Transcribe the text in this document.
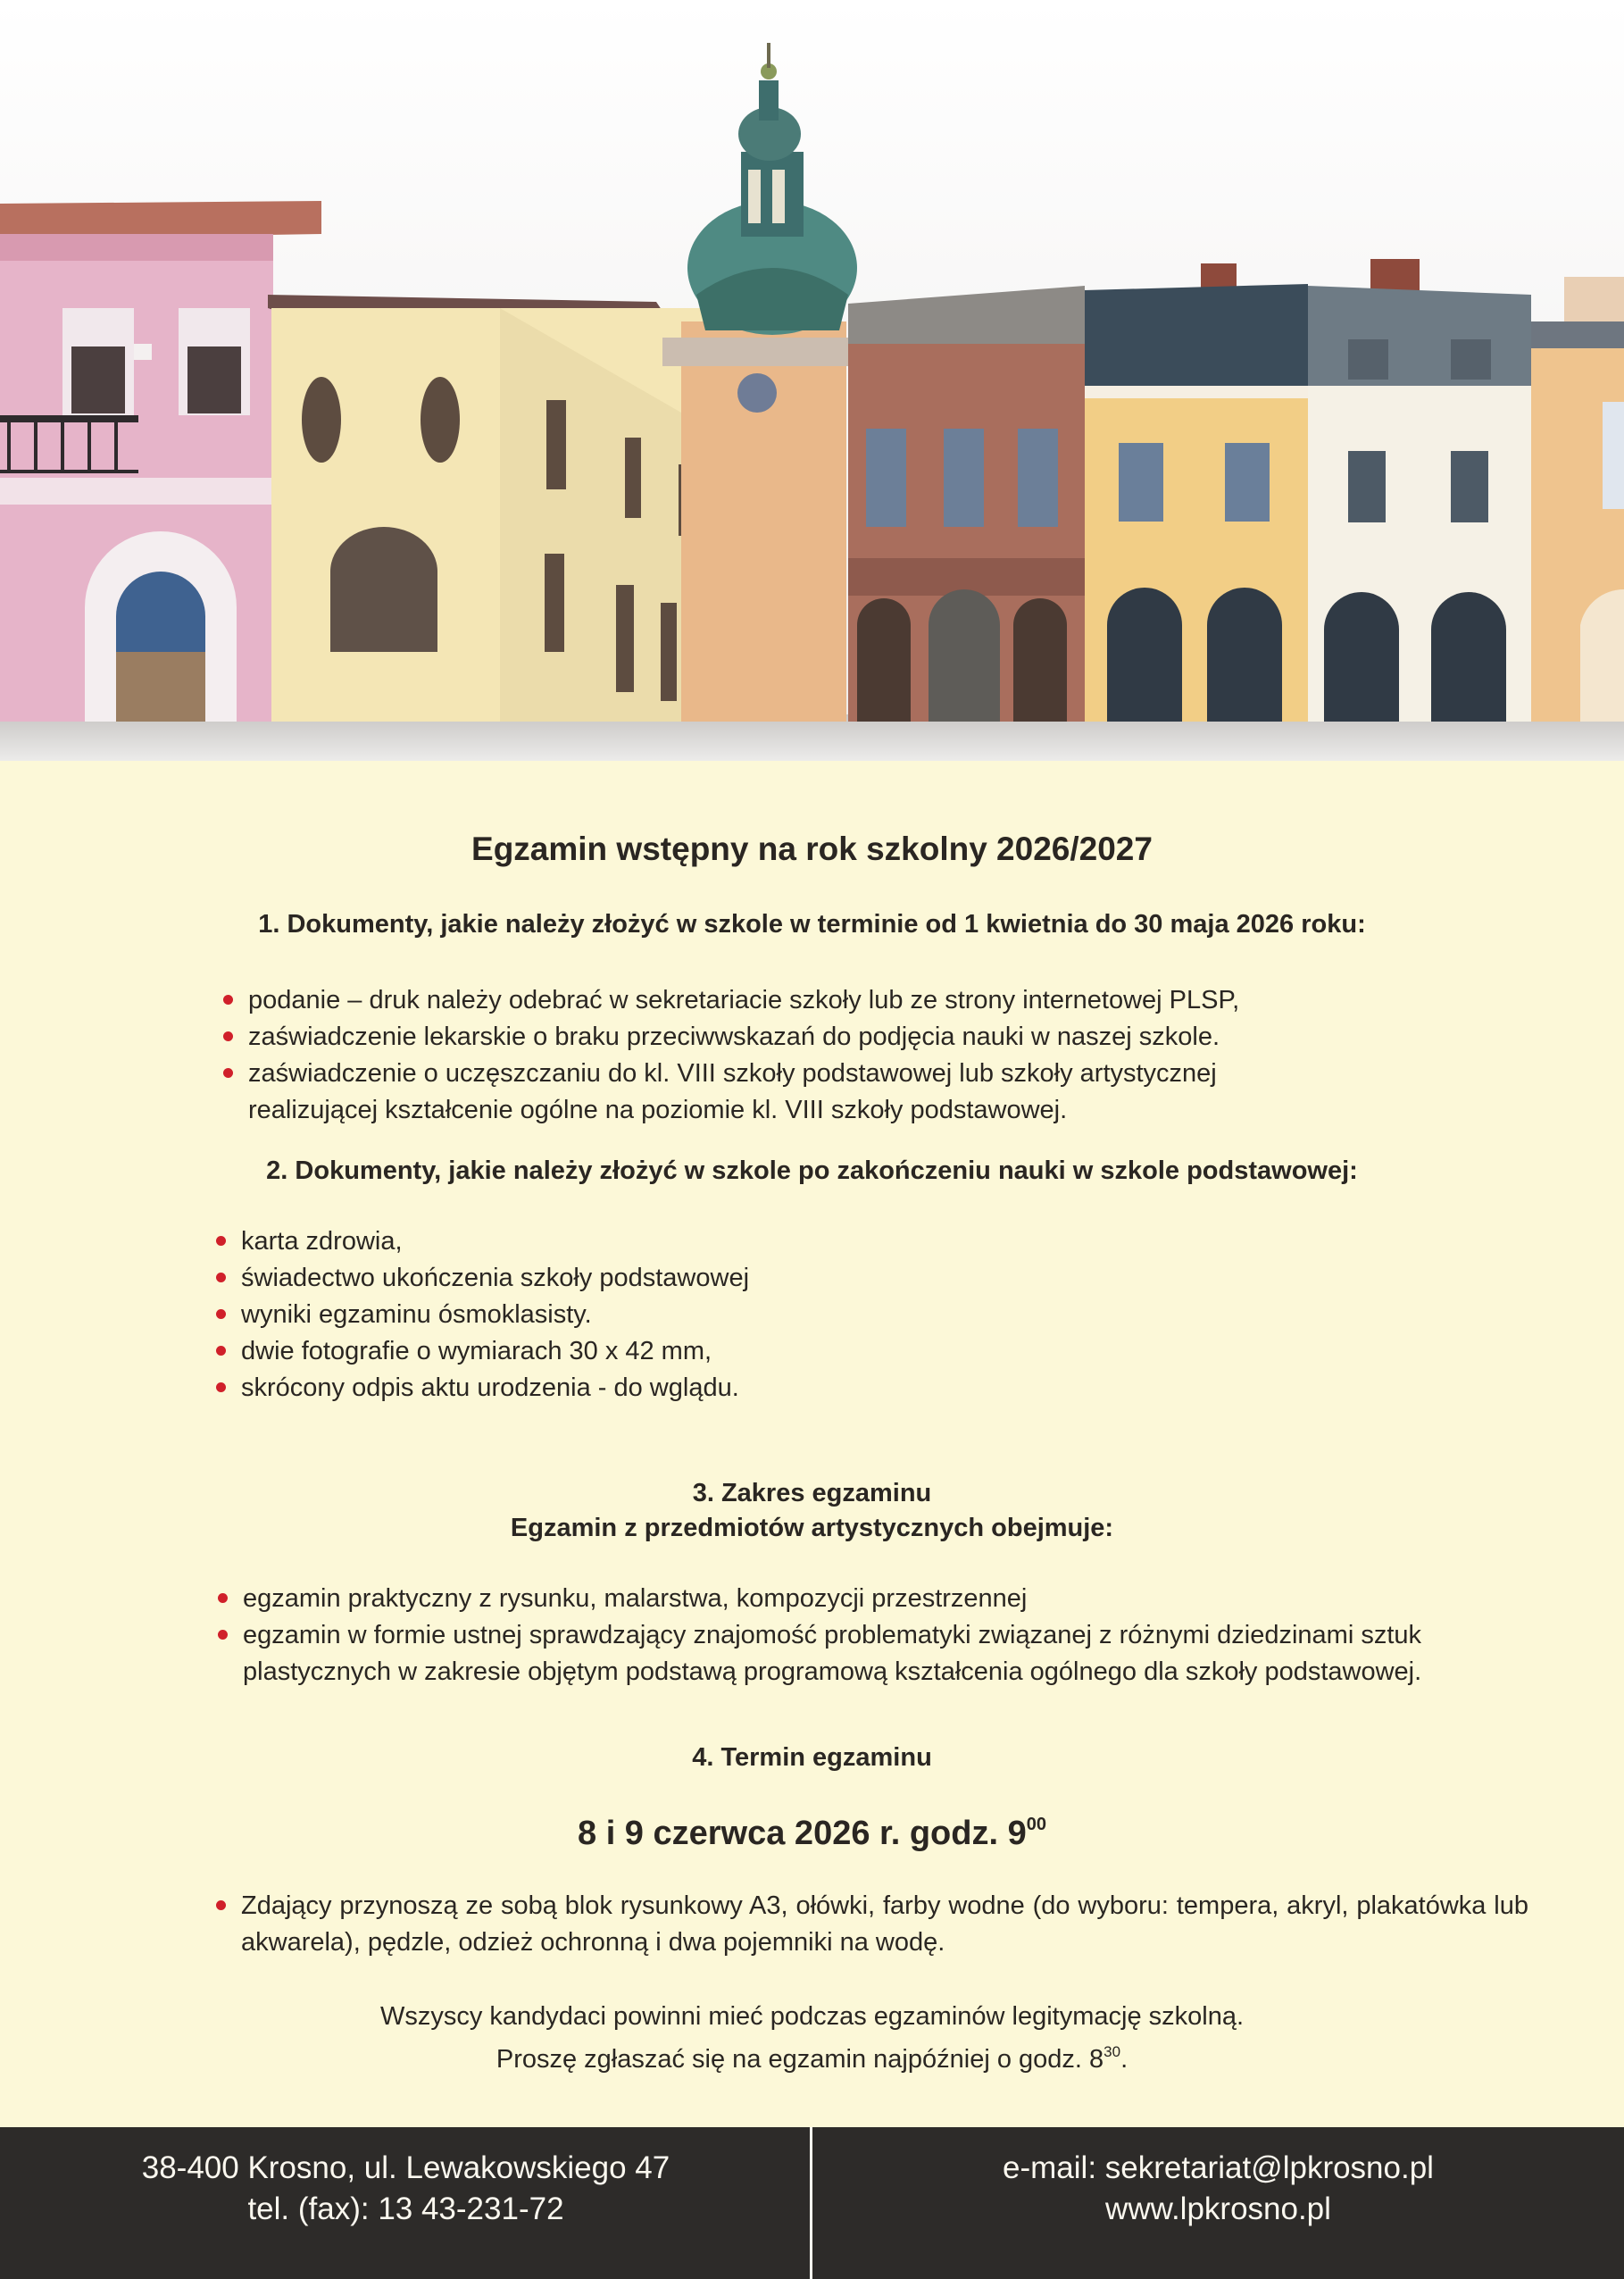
Egzamin wstępny na rok szkolny 2026/2027
1. Dokumenty, jakie należy złożyć w szkole w terminie od 1 kwietnia do 30 maja 2026 roku:
podanie – druk należy odebrać w sekretariacie szkoły lub ze strony internetowej PLSP,
zaświadczenie lekarskie o braku przeciwwskazań do podjęcia nauki w naszej szkole.
zaświadczenie o uczęszczaniu do kl. VIII szkoły podstawowej lub szkoły artystycznej realizującej kształcenie ogólne na poziomie kl. VIII szkoły podstawowej.
2. Dokumenty, jakie należy złożyć w szkole po zakończeniu nauki w szkole podstawowej:
karta zdrowia,
świadectwo ukończenia szkoły podstawowej
wyniki egzaminu ósmoklasisty.
dwie fotografie o wymiarach 30 x 42 mm,
skrócony odpis aktu urodzenia - do wglądu.
3. Zakres egzaminu
Egzamin z przedmiotów artystycznych obejmuje:
egzamin praktyczny z rysunku, malarstwa, kompozycji przestrzennej
egzamin w formie ustnej sprawdzający znajomość problematyki związanej z różnymi dziedzinami sztuk plastycznych w zakresie objętym podstawą programową kształcenia ogólnego dla szkoły podstawowej.
4. Termin egzaminu
8 i 9 czerwca 2026 r. godz. $9^{00}$
Zdający przynoszą ze sobą blok rysunkowy A3, ołówki, farby wodne (do wyboru: tempera, akryl, plakatówka lub akwarela), pędzle, odzież ochronną i dwa pojemniki na wodę.
Wszyscy kandydaci powinni mieć podczas egzaminów legitymację szkolną.
Proszę zgłaszać się na egzamin najpóźniej o godz. $8^{30}$.
38-400 Krosno, ul. Lewakowskiego 47
tel. (fax): 13 43-231-72
e-mail: sekretariat@lpkrosno.pl
www.lpkrosno.pl
